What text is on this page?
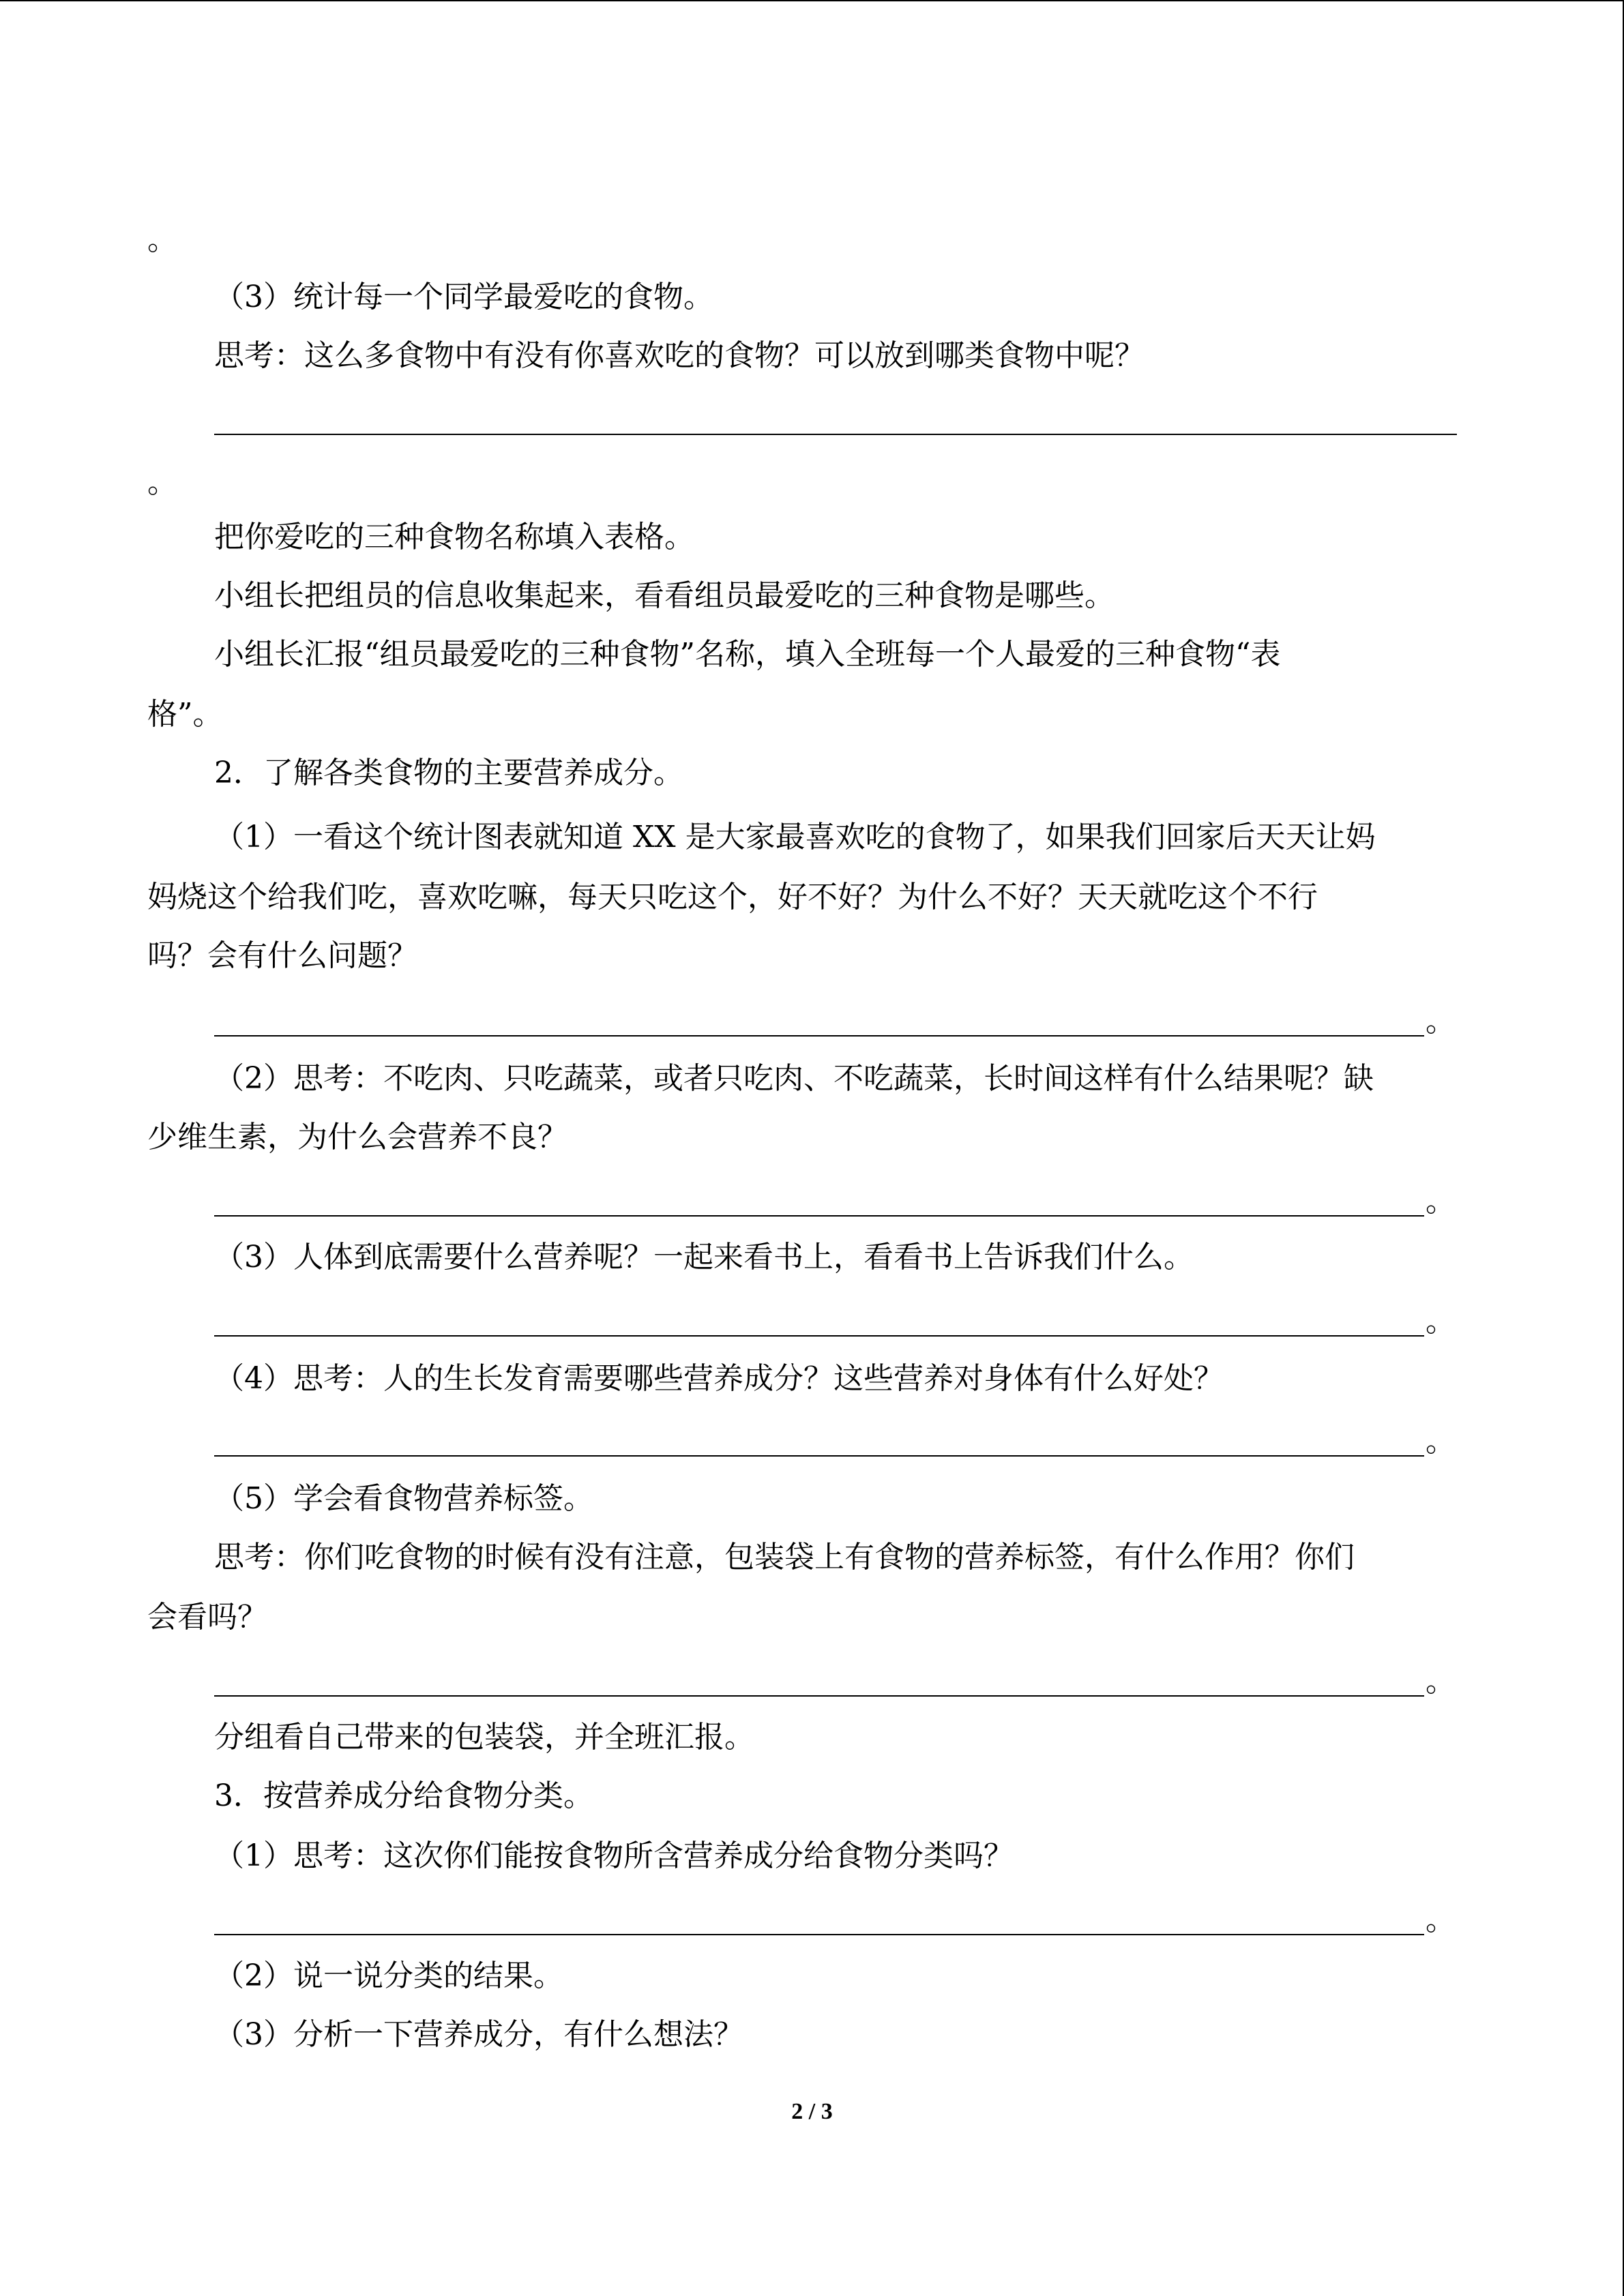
。

（3）统计每一个同学最爱吃的食物。

思考：这么多食物中有没有你喜欢吃的食物？可以放到哪类食物中呢？

。

把你爱吃的三种食物名称填入表格。

小组长把组员的信息收集起来，看看组员最爱吃的三种食物是哪些。

小组长汇报“组员最爱吃的三种食物”名称，填入全班每一个人最爱的三种食物“表

格”。

2．了解各类食物的主要营养成分。

（1）一看这个统计图表就知道 XX 是大家最喜欢吃的食物了，如果我们回家后天天让妈

妈烧这个给我们吃，喜欢吃嘛，每天只吃这个，好不好？为什么不好？天天就吃这个不行

吗？会有什么问题？

。

（2）思考：不吃肉、只吃蔬菜，或者只吃肉、不吃蔬菜，长时间这样有什么结果呢？缺

少维生素，为什么会营养不良？

。

（3）人体到底需要什么营养呢？一起来看书上，看看书上告诉我们什么。

。

（4）思考：人的生长发育需要哪些营养成分？这些营养对身体有什么好处？

。

（5）学会看食物营养标签。

思考：你们吃食物的时候有没有注意，包装袋上有食物的营养标签，有什么作用？你们

会看吗？

。

分组看自己带来的包装袋，并全班汇报。

3．按营养成分给食物分类。

（1）思考：这次你们能按食物所含营养成分给食物分类吗？

。

（2）说一说分类的结果。

（3）分析一下营养成分，有什么想法？

2 / 3
